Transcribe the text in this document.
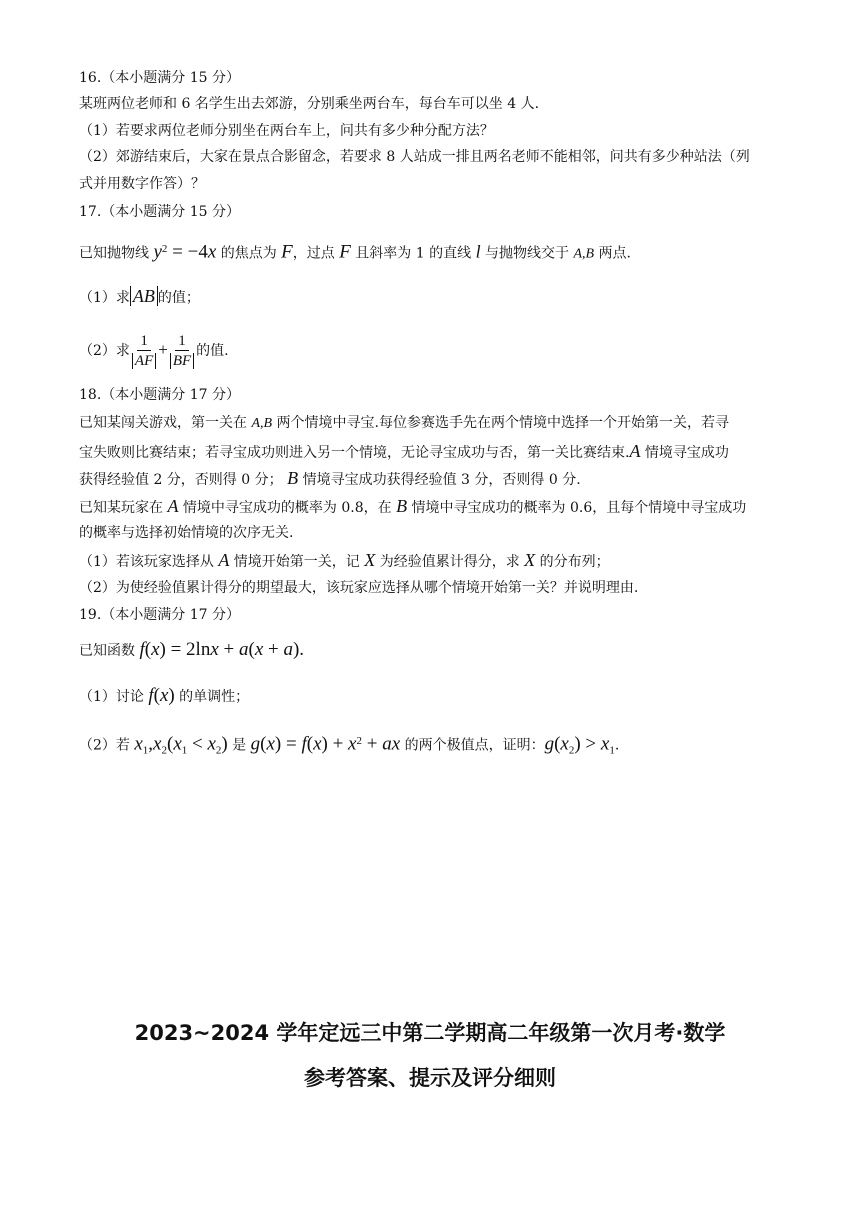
16.（本小题满分 15 分）
某班两位老师和 6 名学生出去郊游，分别乘坐两台车，每台车可以坐 4 人.
（1）若要求两位老师分别坐在两台车上，问共有多少种分配方法？
（2）郊游结束后，大家在景点合影留念，若要求 8 人站成一排且两名老师不能相邻，问共有多少种站法（列
式并用数字作答）？
17.（本小题满分 15 分）
已知抛物线 $y^2 = -4x$ 的焦点为 F，过点 F 且斜率为 1 的直线 l 与抛物线交于 A,B 两点.
（1）求 AB 的值；
（2）求 $\frac{1}{AF} + \frac{1}{BF}$ 的值.
18.（本小题满分 17 分）
已知某闯关游戏，第一关在 A,B 两个情境中寻宝.每位参赛选手先在两个情境中选择一个开始第一关，若寻
宝失败则比赛结束；若寻宝成功则进入另一个情境，无论寻宝成功与否，第一关比赛结束.A 情境寻宝成功
获得经验值 2 分，否则得 0 分； B 情境寻宝成功获得经验值 3 分，否则得 0 分.
已知某玩家在 A 情境中寻宝成功的概率为 0.8，在 B 情境中寻宝成功的概率为 0.6，且每个情境中寻宝成功
的概率与选择初始情境的次序无关.
（1）若该玩家选择从 A 情境开始第一关，记 X 为经验值累计得分，求 X 的分布列；
（2）为使经验值累计得分的期望最大，该玩家应选择从哪个情境开始第一关？并说明理由.
19.（本小题满分 17 分）
已知函数 f(x) = 2lnx + a(x + a).
（1）讨论 f(x) 的单调性；
（2）若 $x_1,x_2(x_1 < x_2)$ 是 $g(x) = f(x) + x^2$ + ax 的两个极值点，证明：$g(x_2) > x_1$.
2023~2024 学年定远三中第二学期高二年级第一次月考·数学
参考答案、提示及评分细则
